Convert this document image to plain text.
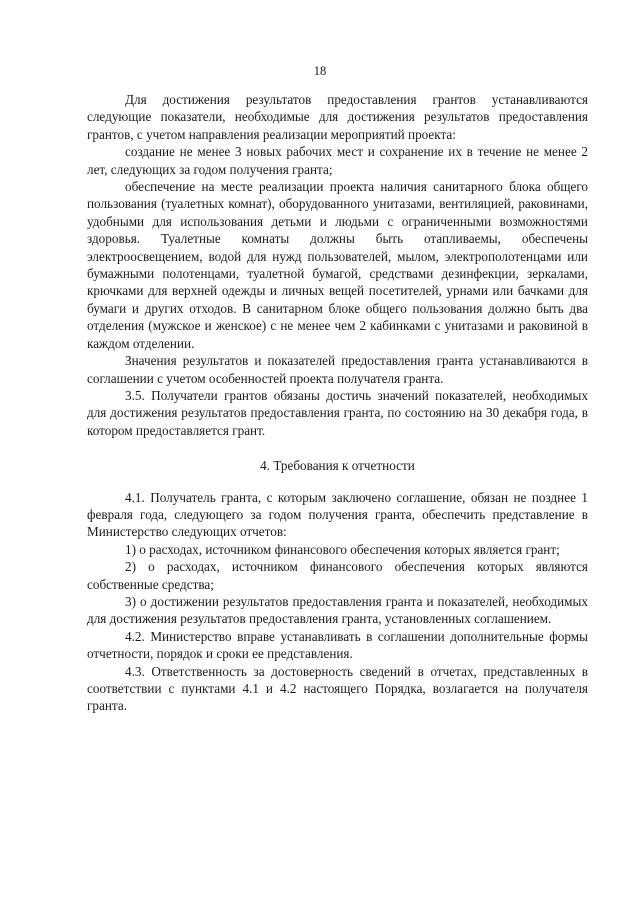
18

Для достижения результатов предоставления грантов устанавливаются следующие показатели, необходимые для достижения результатов предоставления грантов, с учетом направления реализации мероприятий проекта:

создание не менее 3 новых рабочих мест и сохранение их в течение не менее 2 лет, следующих за годом получения гранта;

обеспечение на месте реализации проекта наличия санитарного блока общего пользования (туалетных комнат), оборудованного унитазами, вентиляцией, раковинами, удобными для использования детьми и людьми с ограниченными возможностями здоровья. Туалетные комнаты должны быть отапливаемы, обеспечены электроосвещением, водой для нужд пользователей, мылом, электрополотенцами или бумажными полотенцами, туалетной бумагой, средствами дезинфекции, зеркалами, крючками для верхней одежды и личных вещей посетителей, урнами или бачками для бумаги и других отходов. В санитарном блоке общего пользования должно быть два отделения (мужское и женское) с не менее чем 2 кабинками с унитазами и раковиной в каждом отделении.

Значения результатов и показателей предоставления гранта устанавливаются в соглашении с учетом особенностей проекта получателя гранта.

3.5. Получатели грантов обязаны достичь значений показателей, необходимых для достижения результатов предоставления гранта, по состоянию на 30 декабря года, в котором предоставляется грант.

4. Требования к отчетности

4.1. Получатель гранта, с которым заключено соглашение, обязан не позднее 1 февраля года, следующего за годом получения гранта, обеспечить представление в Министерство следующих отчетов:

1) о расходах, источником финансового обеспечения которых является грант;

2) о расходах, источником финансового обеспечения которых являются собственные средства;

3) о достижении результатов предоставления гранта и показателей, необходимых для достижения результатов предоставления гранта, установленных соглашением.

4.2. Министерство вправе устанавливать в соглашении дополнительные формы отчетности, порядок и сроки ее представления.

4.3. Ответственность за достоверность сведений в отчетах, представленных в соответствии с пунктами 4.1 и 4.2 настоящего Порядка, возлагается на получателя гранта.
